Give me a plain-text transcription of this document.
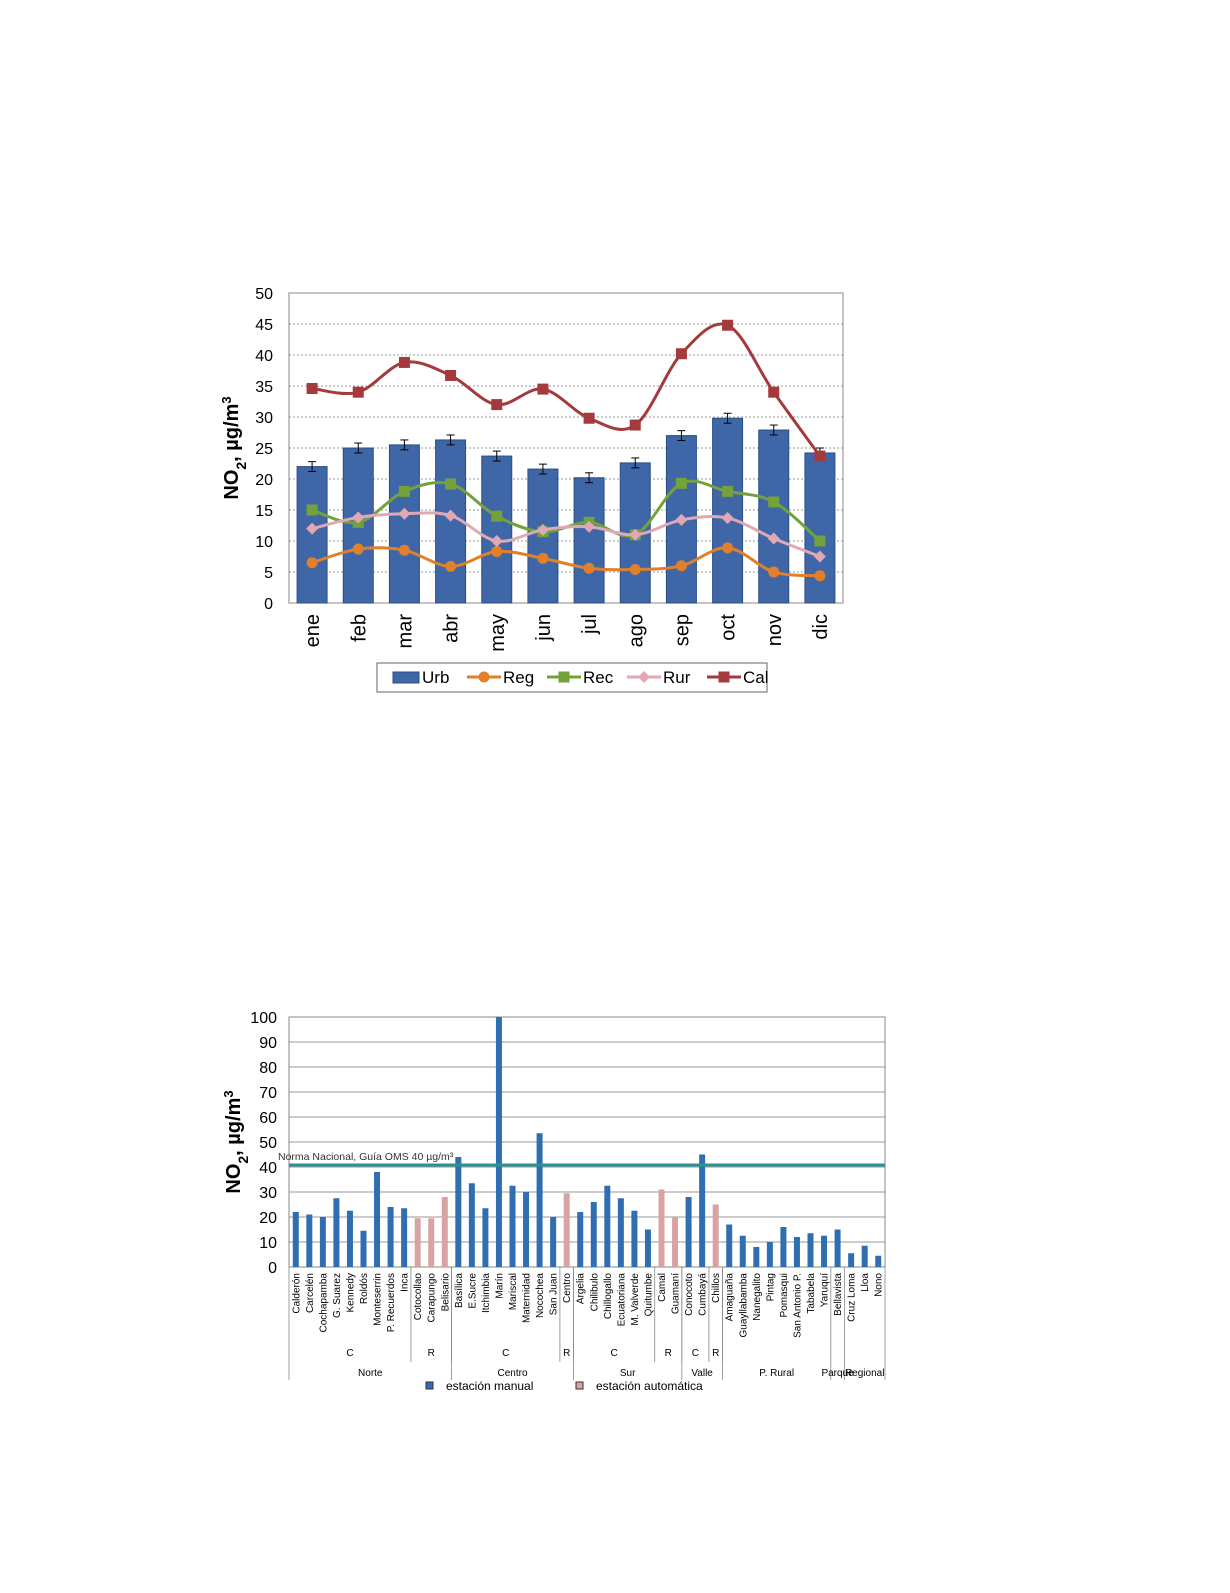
0
5
10
15
20
25
30
35
40
45
50
$NO_2$, $\mu g/m^3$
ene feb mar abr may jun jul ago sep oct nov dic
Urb	Reg	Rec	Rur	Cal
0
10
20
30
40
50
60
70
80
90
100
$NO_2$, $\mu g/m^3$
Norma Nacional, Guía OMS 40 µg/m³
Calderón Carcelén Cochapamba G. Suarez Kennedy Roldós Monteserrin P. Recuerdos Inca Cotocollao Carapungo Belisario Basílica E.Sucre Itchimbia Marín Mariscal Maternidad Nocochea San Juan Centro Argelia Chilibulo Chillogallo Ecuatoriana M. Valverde Quitumbe Camal Guamaní Conocoto Cumbayá Chillos Amaguaña Guayllabamba Nanegalito Pintag Pomasqui San Antonio P. Tababela Yaruquí Bellavista Cruz Loma Lloa Nono
C	R	C	R	C	R C R
Norte	Centro	Sur	Valle	P. Rural	Parque
Regional
estación manual	estación automática
